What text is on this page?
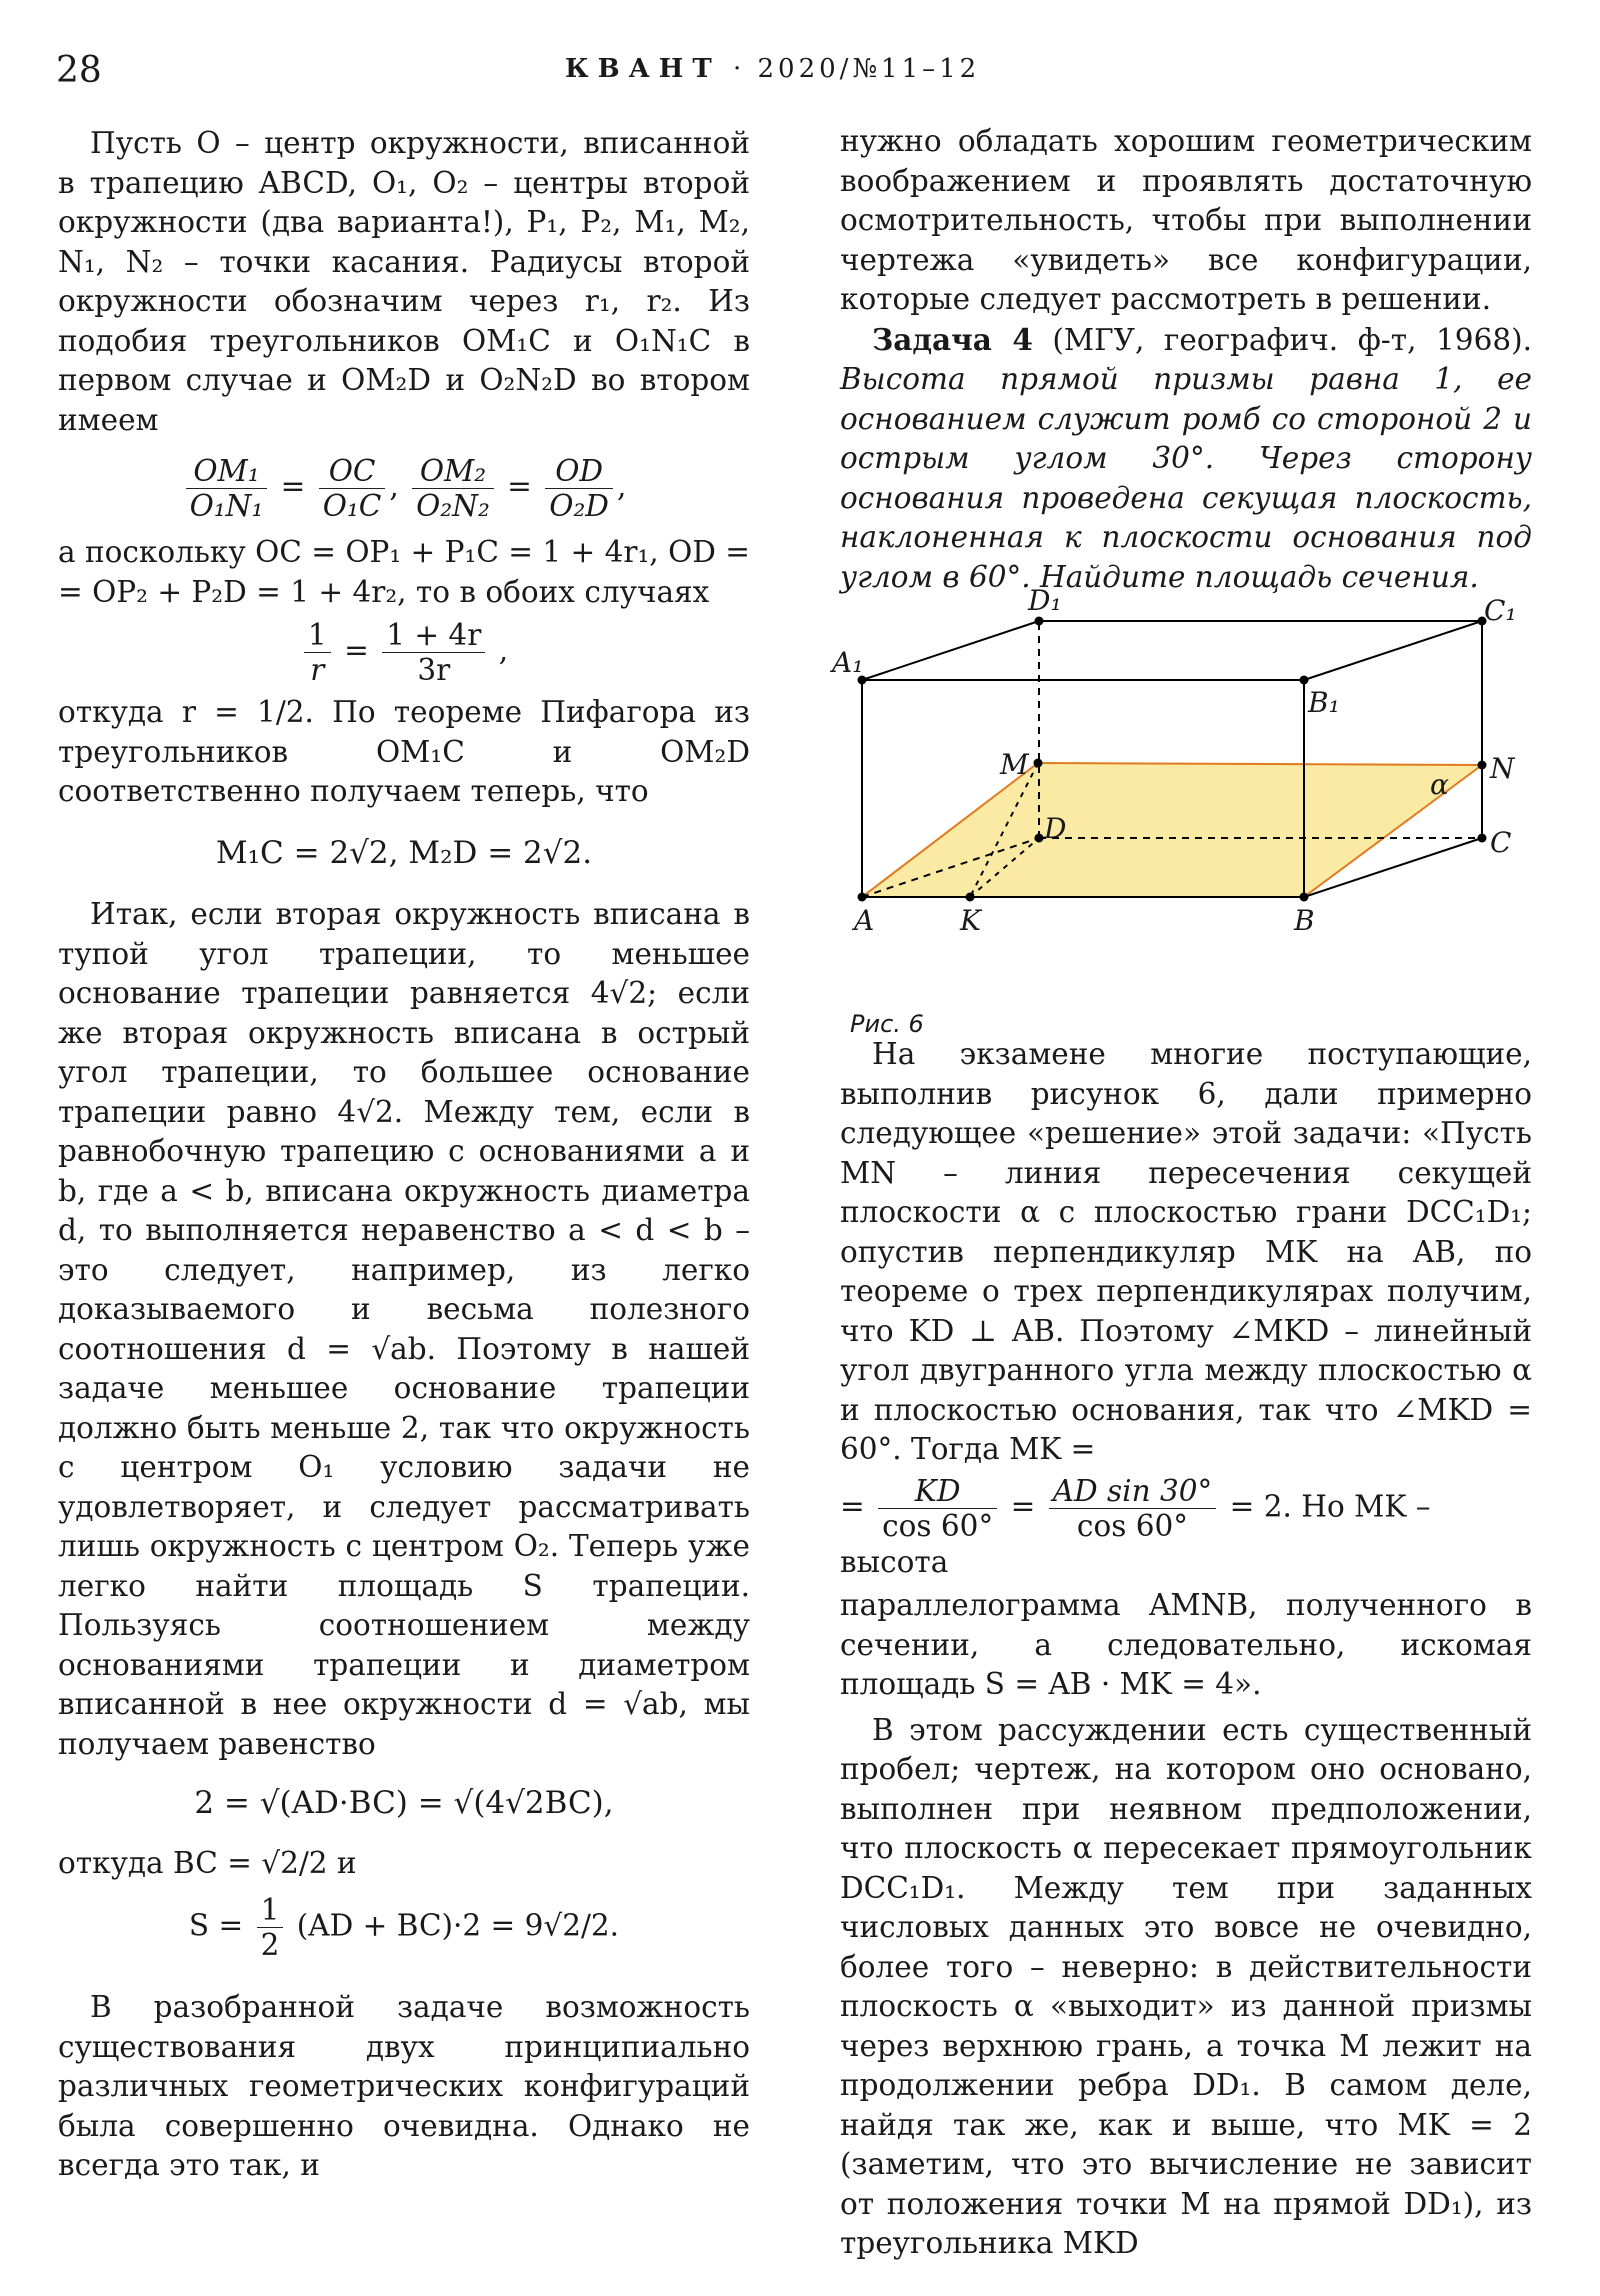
28	КВАНТ · 2020/№11–12

Пусть O – центр окружности, вписанной в трапецию ABCD, O₁, O₂ – центры второй окружности (два варианта!), P₁, P₂, M₁, M₂, N₁, N₂ – точки касания. Радиусы второй окружности обозначим через r₁, r₂. Из подобия треугольников OM₁C и O₁N₁C в первом случае и OM₂D и O₂N₂D во втором имеем

$\frac{\text{OM₁}}{\text{O₁N₁}} = \frac{OC}{\text{O₁C}}$ , $\frac{\text{OM₂}}{\text{O₂N₂}} = \frac{OD}{\text{O₂D}}$ ,

а поскольку OC = OP₁ + P₁C = 1 + 4r₁, OD = = OP₂ + P₂D = 1 + 4r₂, то в обоих случаях

$\frac{1}{r} = \frac{1 + 4r}{3r}$ ,

откуда r = 1/2. По теореме Пифагора из треугольников OM₁C и OM₂D соответственно получаем теперь, что

M₁C = 2√2, M₂D = 2√2.

Итак, если вторая окружность вписана в тупой угол трапеции, то меньшее основание трапеции равняется 4√2; если же вторая окружность вписана в острый угол трапеции, то большее основание трапеции равно 4√2. Между тем, если в равнобочную трапецию с основаниями a и b, где a < b, вписана окружность диаметра d, то выполняется неравенство a < d < b – это следует, например, из легко доказываемого и весьма полезного соотношения d = √ab. Поэтому в нашей задаче меньшее основание трапеции должно быть меньше 2, так что окружность с центром O₁ условию задачи не удовлетворяет, и следует рассматривать лишь окружность с центром O₂. Теперь уже легко найти площадь S трапеции. Пользуясь соотношением между основаниями трапеции и диаметром вписанной в нее окружности d = √ab, мы получаем равенство

2 = √(AD·BC) = √(4√2BC),

откуда BC = √2/2 и

$S = \frac{1}{2} (AD + BC)\cdot 2 = 9√2/2$.

В разобранной задаче возможность существования двух принципиально различных геометрических конфигураций была совершенно очевидна. Однако не всегда это так, и

нужно обладать хорошим геометрическим воображением и проявлять достаточную осмотрительность, чтобы при выполнении чертежа «увидеть» все конфигурации, которые следует рассмотреть в решении.

Задача 4 (МГУ, географич. ф-т, 1968). Высота прямой призмы равна 1, ее основанием служит ромб со стороной 2 и острым углом 30°. Через сторону основания проведена секущая плоскость, наклоненная к плоскости основания под углом в 60°. Найдите площадь сечения.

D₁	C₁
A₁
B₁
M	N
α
D	C
A	K	B
Рис. 6

На экзамене многие поступающие, выполнив рисунок 6, дали примерно следующее «решение» этой задачи: «Пусть MN – линия пересечения секущей плоскости α с плоскостью грани DCC₁D₁; опустив перпендикуляр MK на AB, по теореме о трех перпендикулярах получим, что KD ⊥ AB. Поэтому ∠MKD – линейный угол двугранного угла между плоскостью α и плоскостью основания, так что ∠MKD = 60°. Тогда MK =

= $\frac{KD}{\cos 60^\circ} = \frac{\text{AD sin 30°}}{\cos 60^\circ} = 2$. Но MK – высота

параллелограмма AMNB, полученного в сечении, а следовательно, искомая площадь S = AB · MK = 4».

В этом рассуждении есть существенный пробел; чертеж, на котором оно основано, выполнен при неявном предположении, что плоскость α пересекает прямоугольник DCC₁D₁. Между тем при заданных числовых данных это вовсе не очевидно, более того – неверно: в действительности плоскость α «выходит» из данной призмы через верхнюю грань, а точка M лежит на продолжении ребра DD₁. В самом деле, найдя так же, как и выше, что MK = 2 (заметим, что это вычисление не зависит от положения точки M на прямой DD₁), из треугольника MKD
